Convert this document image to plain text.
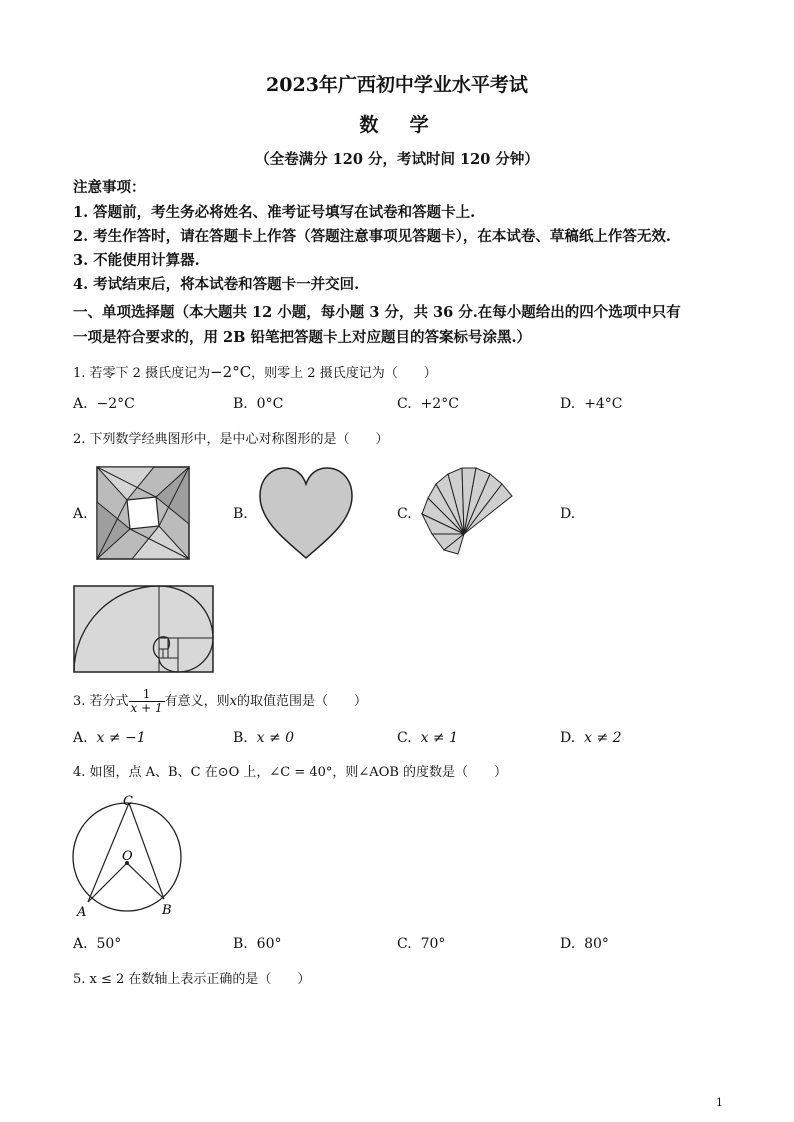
2023年广西初中学业水平考试
数  学
（全卷满分 120 分，考试时间 120 分钟）
注意事项：
1. 答题前，考生务必将姓名、准考证号填写在试卷和答题卡上.
2. 考生作答时，请在答题卡上作答（答题注意事项见答题卡），在本试卷、草稿纸上作答无效.
3. 不能使用计算器.
4. 考试结束后，将本试卷和答题卡一并交回.
一、单项选择题（本大题共 12 小题，每小题 3 分，共 36 分.在每小题给出的四个选项中只有
一项是符合要求的，用 2B 铅笔把答题卡上对应题目的答案标号涂黑.）
1. 若零下 2 摄氏度记为−2°C，则零上 2 摄氏度记为（　　）
A. −2°C	B. 0°C	C. +2°C	D. +4°C
2. 下列数学经典图形中，是中心对称图形的是（　　）
A.	B.	C.	D.
3. 若分式 $\frac{1}{x + 1}$ 有意义，则x的取值范围是（　　）
A. x ≠ −1	B. x ≠ 0	C. x ≠ 1	D. x ≠ 2
4. 如图，点 A、B、C 在⊙O 上，∠C = 40°，则∠AOB 的度数是（　　）
C
O
A	B
A. 50°	B. 60°	C. 70°	D. 80°
5. x ≤ 2 在数轴上表示正确的是（　　）
1
